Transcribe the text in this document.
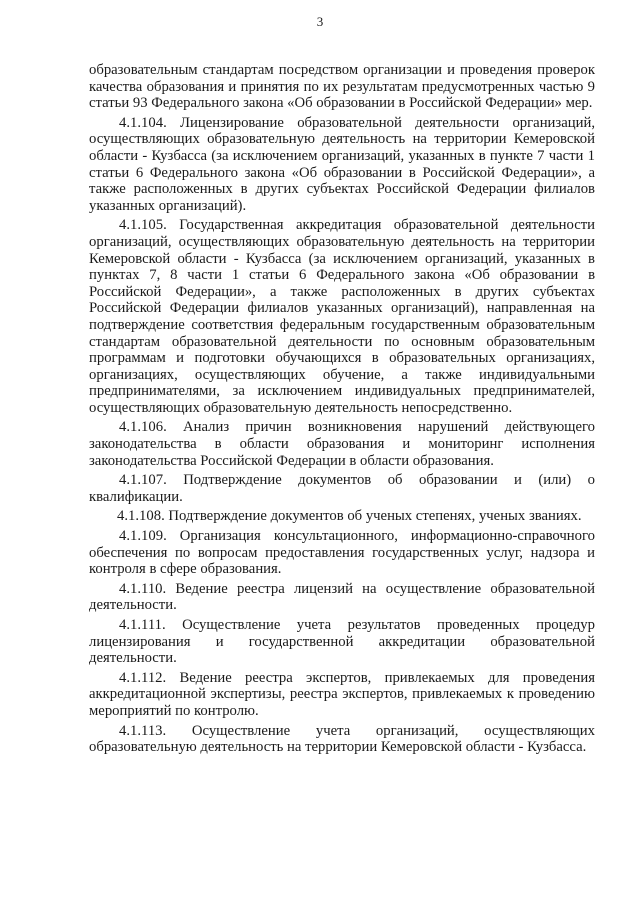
3

образовательным стандартам посредством организации и проведения проверок качества образования и принятия по их результатам предусмотренных частью 9 статьи 93 Федерального закона «Об образовании в Российской Федерации» мер.

4.1.104. Лицензирование образовательной деятельности организаций, осуществляющих образовательную деятельность на территории Кемеровской области - Кузбасса (за исключением организаций, указанных в пункте 7 части 1 статьи 6 Федерального закона «Об образовании в Российской Федерации», а также расположенных в других субъектах Российской Федерации филиалов указанных организаций).

4.1.105. Государственная аккредитация образовательной деятельности организаций, осуществляющих образовательную деятельность на территории Кемеровской области - Кузбасса (за исключением организаций, указанных в пунктах 7, 8 части 1 статьи 6 Федерального закона «Об образовании в Российской Федерации», а также расположенных в других субъектах Российской Федерации филиалов указанных организаций), направленная на подтверждение соответствия федеральным государственным образовательным стандартам образовательной деятельности по основным образовательным программам и подготовки обучающихся в образовательных организациях, организациях, осуществляющих обучение, а также индивидуальными предпринимателями, за исключением индивидуальных предпринимателей, осуществляющих образовательную деятельность непосредственно.

4.1.106. Анализ причин возникновения нарушений действующего законодательства в области образования и мониторинг исполнения законодательства Российской Федерации в области образования.

4.1.107. Подтверждение документов об образовании и (или) о квалификации.

4.1.108. Подтверждение документов об ученых степенях, ученых званиях.

4.1.109. Организация консультационного, информационно-справочного обеспечения по вопросам предоставления государственных услуг, надзора и контроля в сфере образования.

4.1.110. Ведение реестра лицензий на осуществление образовательной деятельности.

4.1.111. Осуществление учета результатов проведенных процедур лицензирования и государственной аккредитации образовательной деятельности.

4.1.112. Ведение реестра экспертов, привлекаемых для проведения аккредитационной экспертизы, реестра экспертов, привлекаемых к проведению мероприятий по контролю.

4.1.113. Осуществление учета организаций, осуществляющих образовательную деятельность на территории Кемеровской области - Кузбасса.
